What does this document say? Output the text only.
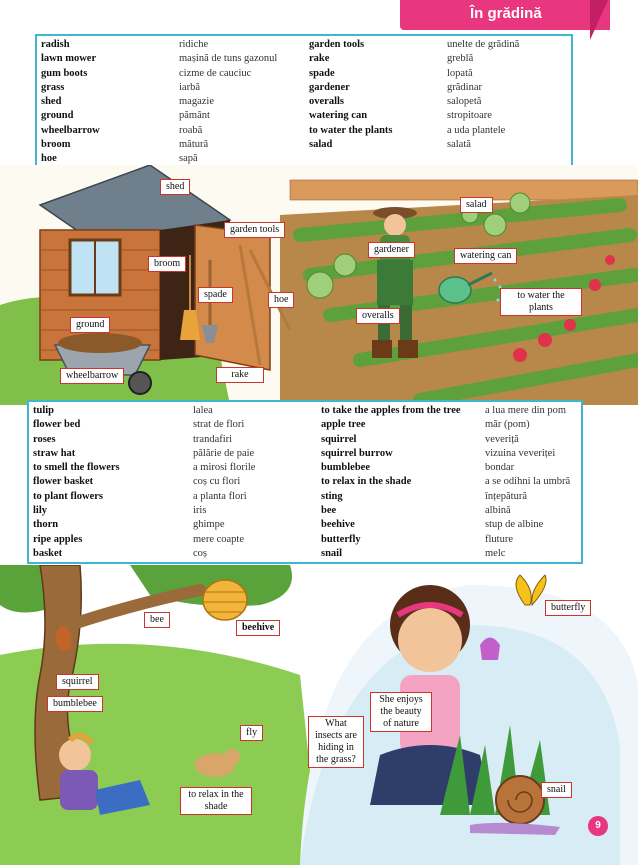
În grădină
radish	ridiche	garden tools	unelte de grădină
lawn mower	mașină de tuns gazonul	rake	greblă
gum boots	cizme de cauciuc	spade	lopată
grass	iarbă	gardener	grădinar
shed	magazie	overalls	salopetă
ground	pământ	watering can	stropitoare
wheelbarrow	roabă	to water the plants	a uda plantele
broom	mătură	salad	salată
hoe	sapă		
shed
salad
garden tools
gardener
broom
watering can
spade	hoe	to water the plants
overalls
ground
wheelbarrow	rake
tulip	lalea	to take the apples from the tree	a lua mere din pom
flower bed	strat de flori	apple tree	măr (pom)
roses	trandafiri	squirrel	veveriță
straw hat	pălărie de paie	squirrel burrow	vizuina veveriței
to smell the flowers	a mirosi florile	bumblebee	bondar
flower basket	coș cu flori	to relax in the shade	a se odihni la umbră
to plant flowers	a planta flori	sting	înțepătură
lily	iris	bee	albină
thorn	ghimpe	beehive	stup de albine
ripe apples	mere coapte	butterfly	fluture
basket	coș	snail	melc
bee
beehive
butterfly
squirrel
bumblebee	She enjoys the beauty of nature
What insects are hiding in the grass?
fly
to relax in the shade
snail
9
